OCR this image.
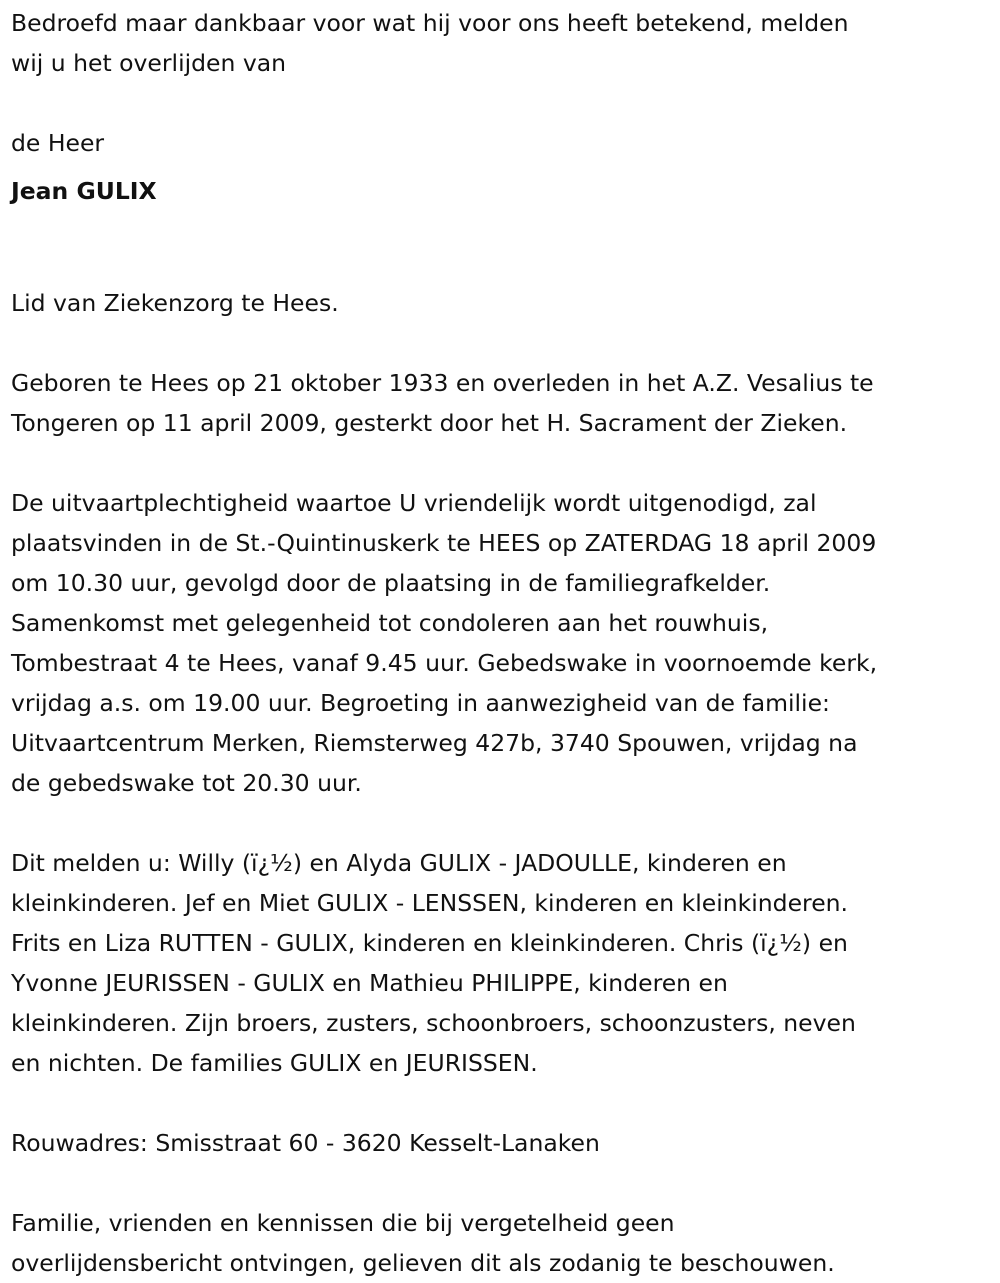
Bedroefd maar dankbaar voor wat hij voor ons heeft betekend, melden
wij u het overlijden van
de Heer
Jean GULIX
Lid van Ziekenzorg te Hees.
Geboren te Hees op 21 oktober 1933 en overleden in het A.Z. Vesalius te
Tongeren op 11 april 2009, gesterkt door het H. Sacrament der Zieken.
De uitvaartplechtigheid waartoe U vriendelijk wordt uitgenodigd, zal
plaatsvinden in de St.-Quintinuskerk te HEES op ZATERDAG 18 april 2009
om 10.30 uur, gevolgd door de plaatsing in de familiegrafkelder.
Samenkomst met gelegenheid tot condoleren aan het rouwhuis,
Tombestraat 4 te Hees, vanaf 9.45 uur. Gebedswake in voornoemde kerk,
vrijdag a.s. om 19.00 uur. Begroeting in aanwezigheid van de familie:
Uitvaartcentrum Merken, Riemsterweg 427b, 3740 Spouwen, vrijdag na
de gebedswake tot 20.30 uur.
Dit melden u: Willy (ï¿½) en Alyda GULIX - JADOULLE, kinderen en
kleinkinderen. Jef en Miet GULIX - LENSSEN, kinderen en kleinkinderen.
Frits en Liza RUTTEN - GULIX, kinderen en kleinkinderen. Chris (ï¿½) en
Yvonne JEURISSEN - GULIX en Mathieu PHILIPPE, kinderen en
kleinkinderen. Zijn broers, zusters, schoonbroers, schoonzusters, neven
en nichten. De families GULIX en JEURISSEN.
Rouwadres: Smisstraat 60 - 3620 Kesselt-Lanaken
Familie, vrienden en kennissen die bij vergetelheid geen
overlijdensbericht ontvingen, gelieven dit als zodanig te beschouwen.
